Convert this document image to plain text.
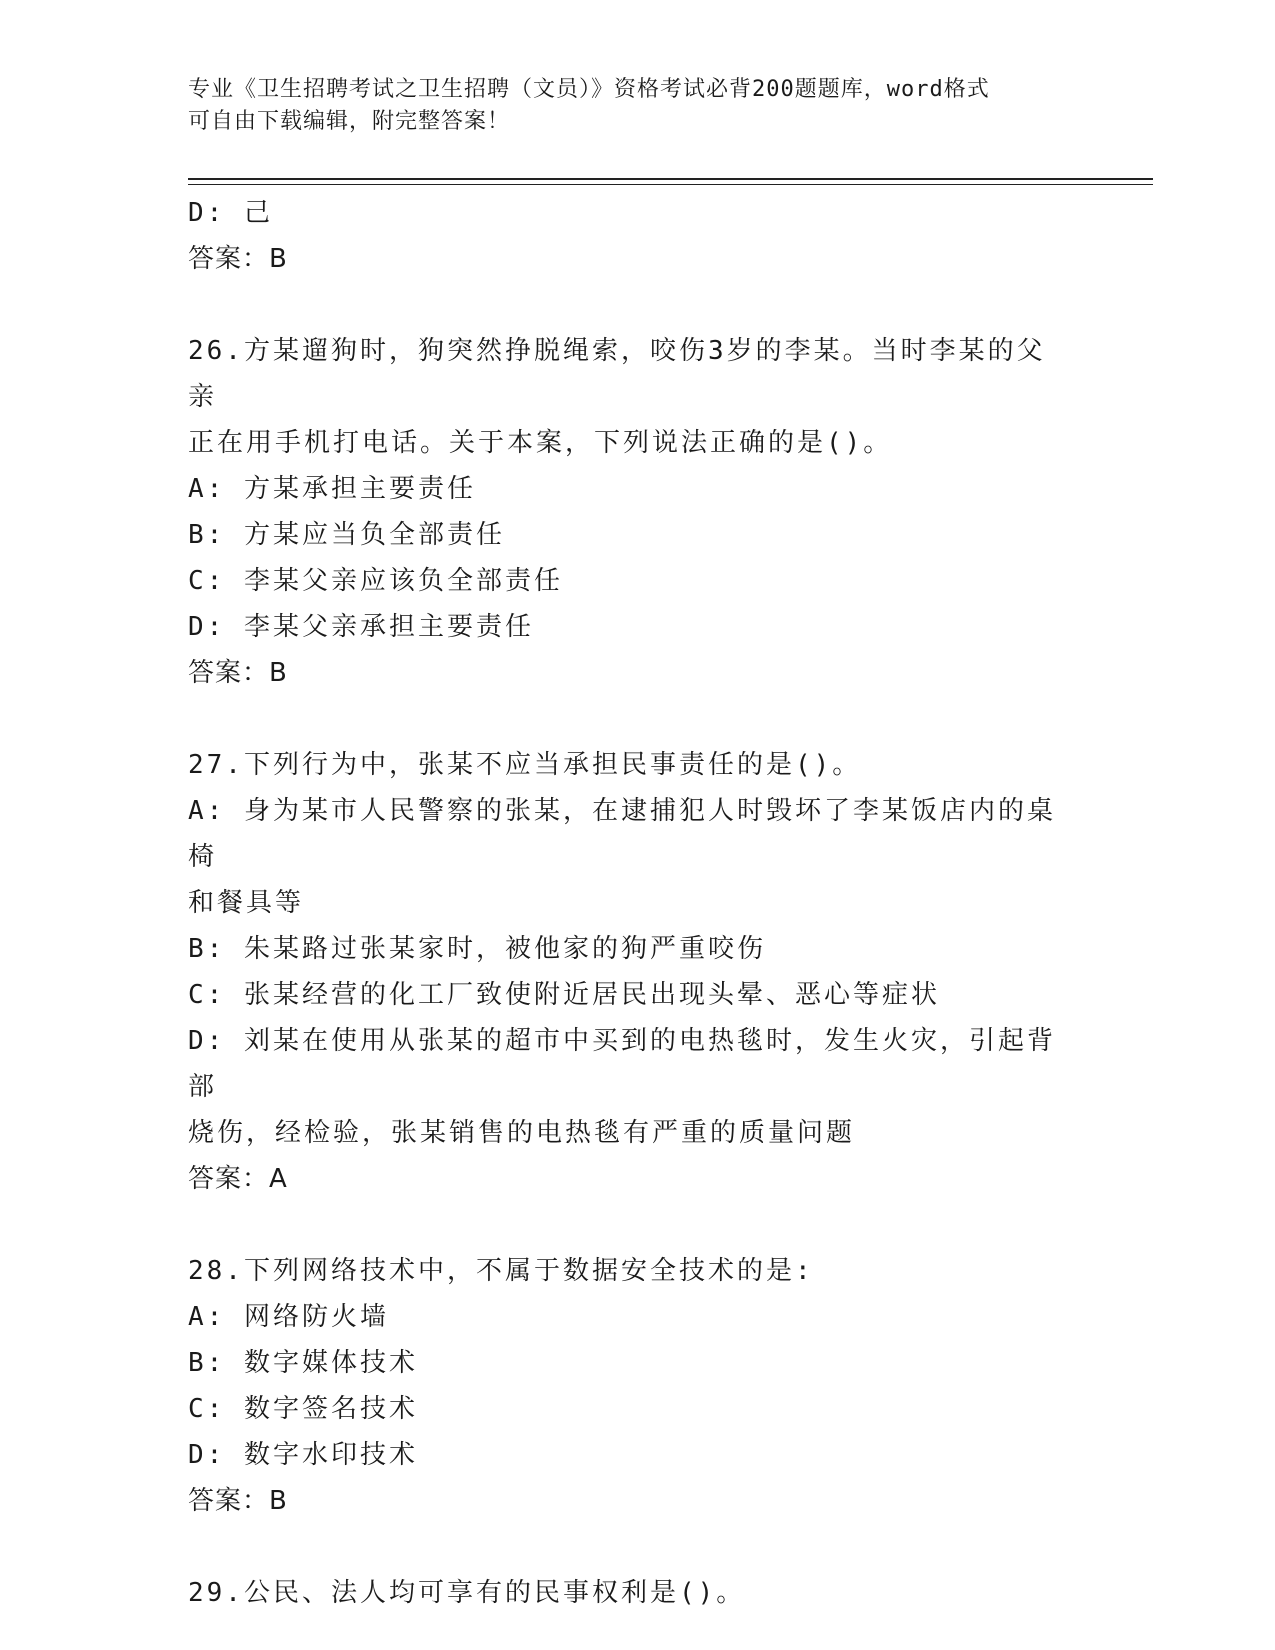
专业《卫生招聘考试之卫生招聘（文员）》资格考试必背200题题库，word格式
可自由下载编辑，附完整答案！
D: 己
答案：B
26.方某遛狗时，狗突然挣脱绳索，咬伤3岁的李某。当时李某的父亲
正在用手机打电话。关于本案，下列说法正确的是()。
A: 方某承担主要责任
B: 方某应当负全部责任
C: 李某父亲应该负全部责任
D: 李某父亲承担主要责任
答案：B
27.下列行为中，张某不应当承担民事责任的是()。
A: 身为某市人民警察的张某，在逮捕犯人时毁坏了李某饭店内的桌椅
和餐具等
B: 朱某路过张某家时，被他家的狗严重咬伤
C: 张某经营的化工厂致使附近居民出现头晕、恶心等症状
D: 刘某在使用从张某的超市中买到的电热毯时，发生火灾，引起背部
烧伤，经检验，张某销售的电热毯有严重的质量问题
答案：A
28.下列网络技术中，不属于数据安全技术的是:
A: 网络防火墙
B: 数字媒体技术
C: 数字签名技术
D: 数字水印技术
答案：B
29.公民、法人均可享有的民事权利是()。
